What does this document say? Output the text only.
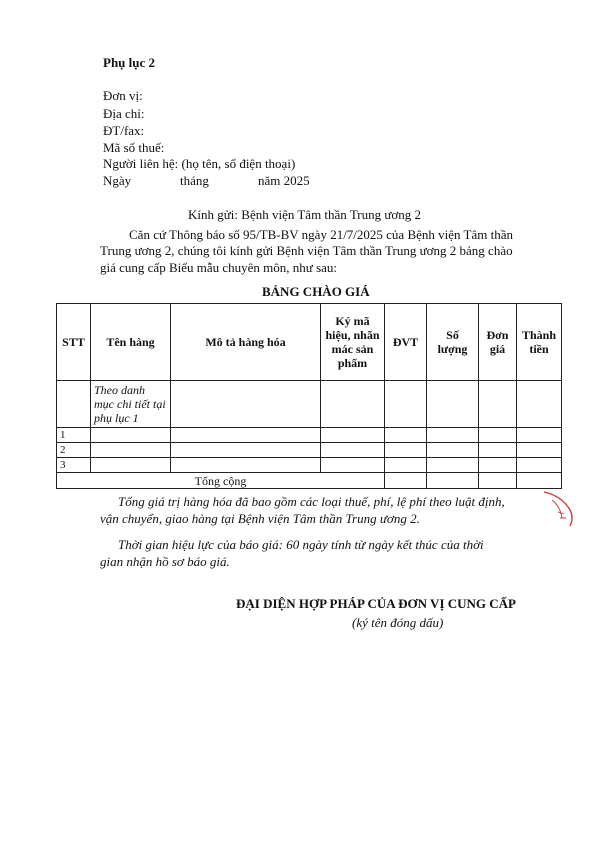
Phụ lục 2
Đơn vị:
Địa chỉ:
ĐT/fax:
Mã số thuế:
Người liên hệ: (họ tên, số điện thoại)
Ngày	tháng	năm 2025
Kính gửi: Bệnh viện Tâm thần Trung ương 2
Căn cứ Thông báo số 95/TB-BV ngày 21/7/2025 của Bệnh viện Tâm thần
Trung ương 2, chúng tôi kính gửi Bệnh viện Tâm thần Trung ương 2 bảng chào
giá cung cấp Biểu mẫu chuyên môn, như sau:
BẢNG CHÀO GIÁ
STT	Tên hàng	Mô tả hàng hóa	Ký mã hiệu, nhãn mác sản phẩm	ĐVT	Số lượng	Đơn giá	Thành tiền
	Theo danh mục chi tiết tại phụ lục 1						
1							
2							
3							
Tổng cộng							
Tổng giá trị hàng hóa đã bao gồm các loại thuế, phí, lệ phí theo luật định,
vận chuyển, giao hàng tại Bệnh viện Tâm thần Trung ương 2.
Thời gian hiệu lực của báo giá: 60 ngày tính từ ngày kết thúc của thời
gian nhận hồ sơ báo giá.
ĐẠI DIỆN HỢP PHÁP CỦA ĐƠN VỊ CUNG CẤP
(ký tên đóng dấu)
